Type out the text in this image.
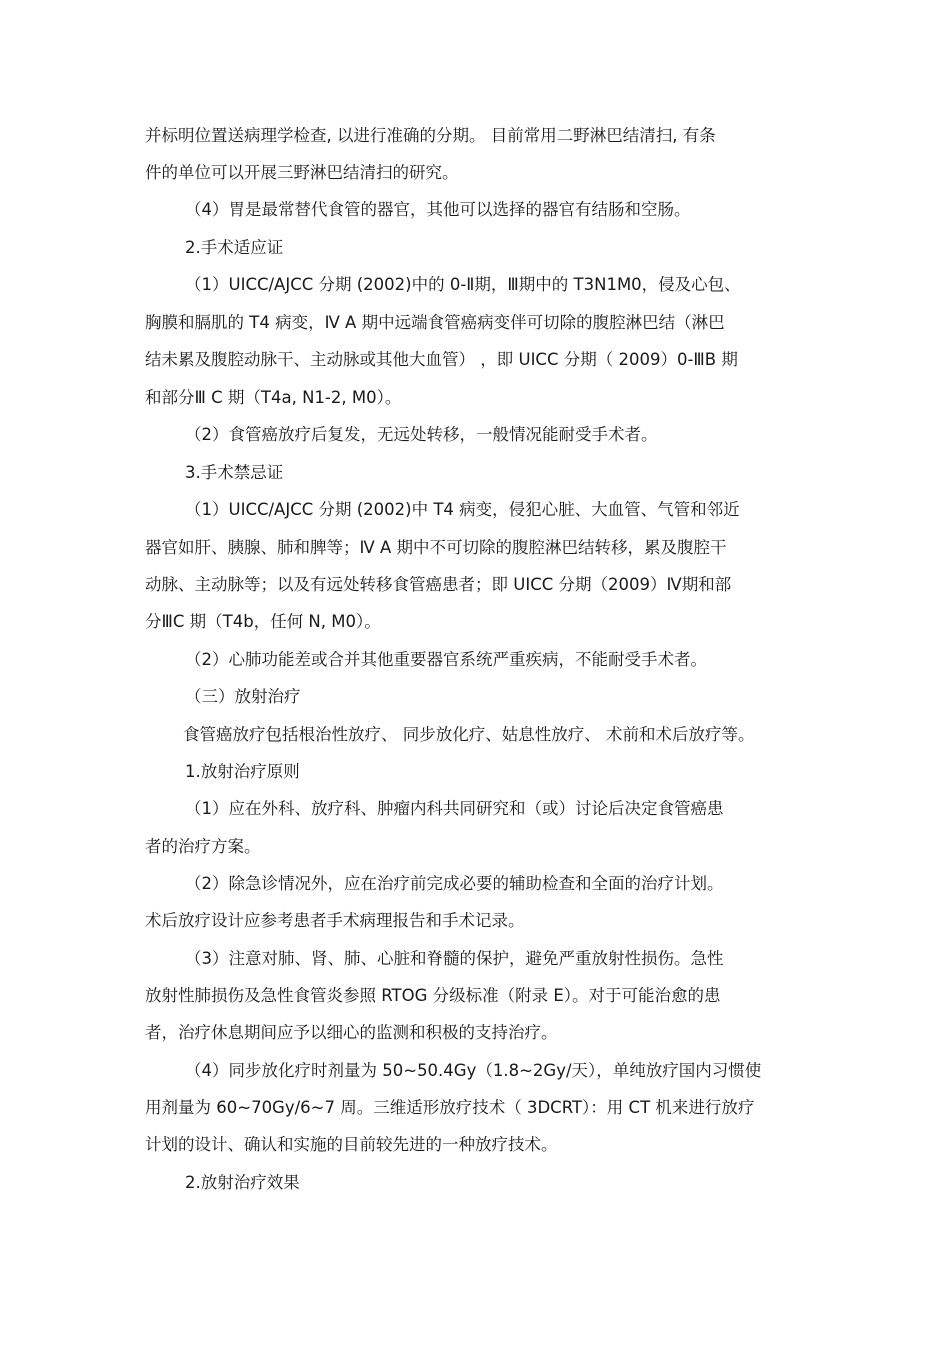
并标明位置送病理学检查, 以进行准确的分期。 目前常用二野淋巴结清扫, 有条
件的单位可以开展三野淋巴结清扫的研究。
（4）胃是最常替代食管的器官，其他可以选择的器官有结肠和空肠。
2.手术适应证
（1）UICC/AJCC 分期 (2002)中的 0-Ⅱ期，Ⅲ期中的 T3N1M0，侵及心包、
胸膜和膈肌的 T4 病变，Ⅳ A 期中远端食管癌病变伴可切除的腹腔淋巴结（淋巴
结未累及腹腔动脉干、主动脉或其他大血管） ，即 UICC 分期（ 2009）0-ⅢB 期
和部分Ⅲ C 期（T4a, N1-2, M0）。
（2）食管癌放疗后复发，无远处转移，一般情况能耐受手术者。
3.手术禁忌证
（1）UICC/AJCC 分期 (2002)中 T4 病变，侵犯心脏、大血管、气管和邻近
器官如肝、胰腺、肺和脾等；Ⅳ A 期中不可切除的腹腔淋巴结转移，累及腹腔干
动脉、主动脉等；以及有远处转移食管癌患者；即 UICC 分期（2009）Ⅳ期和部
分ⅢC 期（T4b，任何 N, M0）。
（2）心肺功能差或合并其他重要器官系统严重疾病，不能耐受手术者。
（三）放射治疗
食管癌放疗包括根治性放疗、 同步放化疗、姑息性放疗、 术前和术后放疗等。
1.放射治疗原则
（1）应在外科、放疗科、肿瘤内科共同研究和（或）讨论后决定食管癌患
者的治疗方案。
（2）除急诊情况外，应在治疗前完成必要的辅助检查和全面的治疗计划。
术后放疗设计应参考患者手术病理报告和手术记录。
（3）注意对肺、肾、肺、心脏和脊髓的保护，避免严重放射性损伤。急性
放射性肺损伤及急性食管炎参照 RTOG 分级标准（附录 E）。对于可能治愈的患
者，治疗休息期间应予以细心的监测和积极的支持治疗。
（4）同步放化疗时剂量为 50~50.4Gy（1.8~2Gy/天），单纯放疗国内习惯使
用剂量为 60~70Gy/6~7 周。三维适形放疗技术（ 3DCRT）：用 CT 机来进行放疗
计划的设计、确认和实施的目前较先进的一种放疗技术。
2.放射治疗效果
